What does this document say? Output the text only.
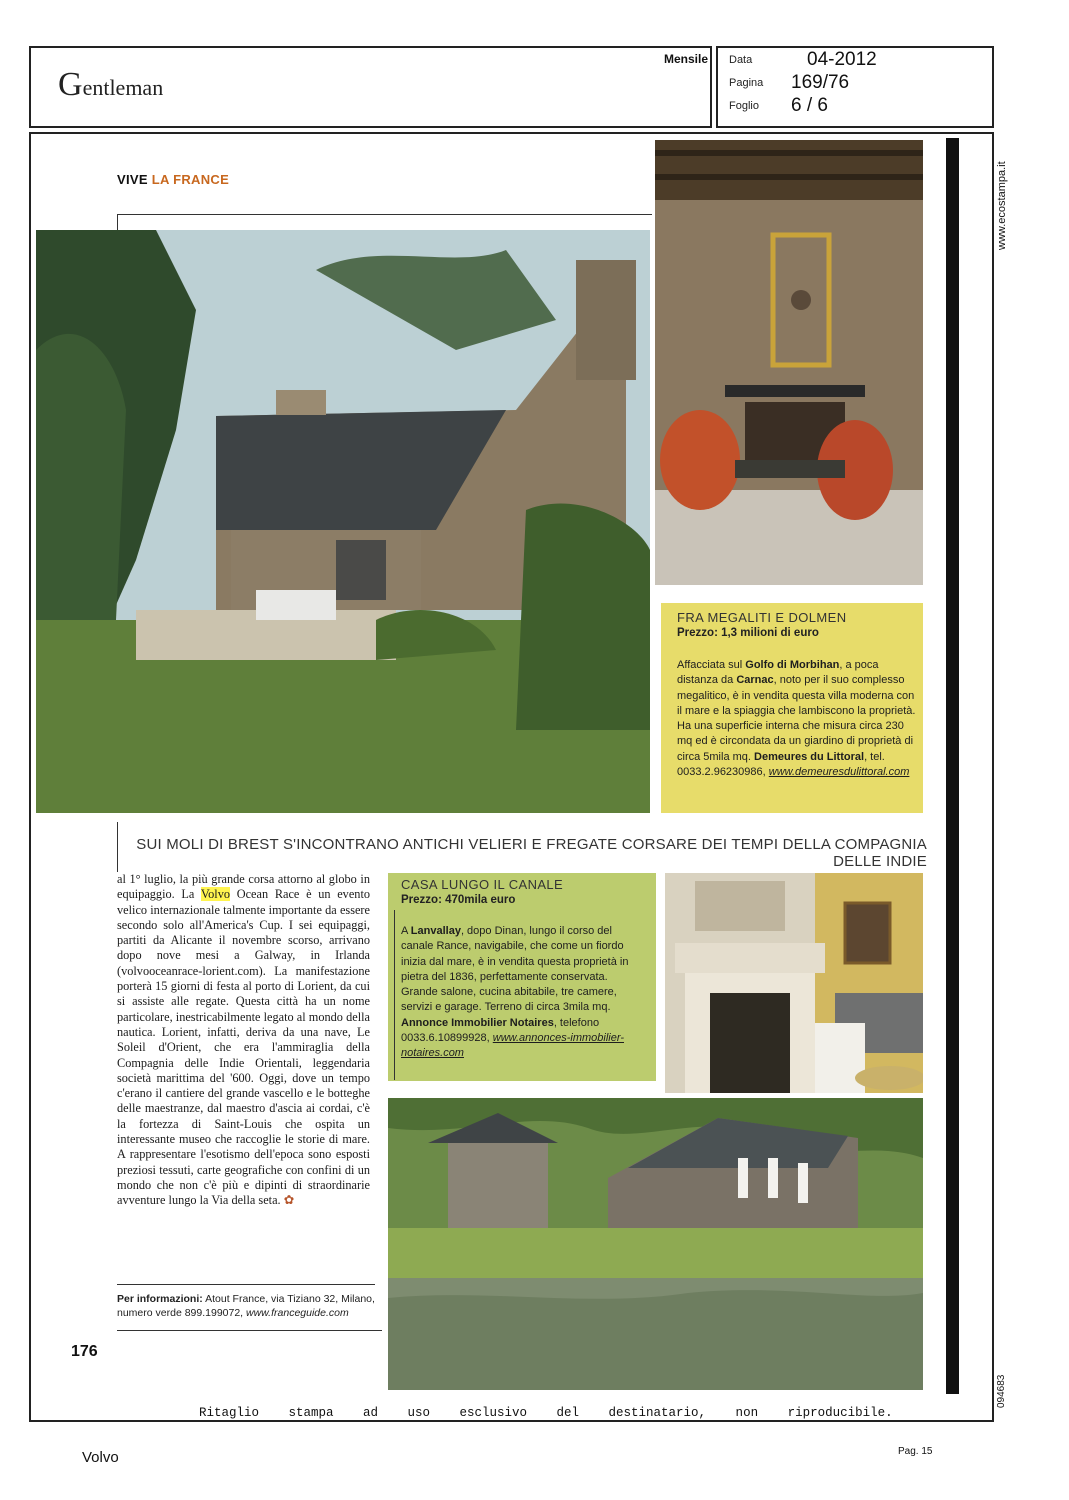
Gentleman
Mensile Data	04-2012
Pagina 169/76
Foglio 6 / 6
www.ecostampa.it
094683
VIVE LA FRANCE
FRA MEGALITI E DOLMEN
Prezzo: 1,3 milioni di euro
Affacciata sul Golfo di Morbihan, a poca distanza da Carnac, noto per il suo complesso megalitico, è in vendita questa villa moderna con il mare e la spiaggia che lambiscono la proprietà. Ha una superficie interna che misura circa 230 mq ed è circondata da un giardino di proprietà di circa 5mila mq. Demeures du Littoral, tel. 0033.2.96230986, www.demeuresdulittoral.com
SUI MOLI DI BREST S'INCONTRANO ANTICHI VELIERI E FREGATE CORSARE DEI TEMPI DELLA COMPAGNIA DELLE INDIE
al 1° luglio, la più grande corsa attorno al globo in equipaggio. La Volvo Ocean Race è un evento velico internazionale talmente importante da essere secondo solo all'America's Cup. I sei equipaggi, partiti da Alicante il novembre scorso, arrivano dopo nove mesi a Galway, in Irlanda (volvooceanrace-lorient.com). La manifestazione porterà 15 giorni di festa al porto di Lorient, da cui si assiste alle regate. Questa città ha un nome particolare, inestricabilmente legato al mondo della nautica. Lorient, infatti, deriva da una nave, Le Soleil d'Orient, che era l'ammiraglia della Compagnia delle Indie Orientali, leggendaria società marittima del '600. Oggi, dove un tempo c'erano il cantiere del grande vascello e le botteghe delle maestranze, dal maestro d'ascia ai cordai, c'è la fortezza di Saint-Louis che ospita un interessante museo che raccoglie le storie di mare. A rappresentare l'esotismo dell'epoca sono esposti preziosi tessuti, carte geografiche con confini di un mondo che non c'è più e dipinti di straordinarie avventure lungo la Via della seta. ✿
Per informazioni: Atout France, via Tiziano 32, Milano, numero verde 899.199072, www.franceguide.com
CASA LUNGO IL CANALE
Prezzo: 470mila euro
A Lanvallay, dopo Dinan, lungo il corso del canale Rance, navigabile, che come un fiordo inizia dal mare, è in vendita questa proprietà in pietra del 1836, perfettamente conservata. Grande salone, cucina abitabile, tre camere, servizi e garage. Terreno di circa 3mila mq. Annonce Immobilier Notaires, telefono 0033.6.10899928, www.annonces-immobilier-notaires.com
176
Ritaglio stampa ad uso esclusivo del destinatario, non riproducibile.
Volvo	Pag. 15
